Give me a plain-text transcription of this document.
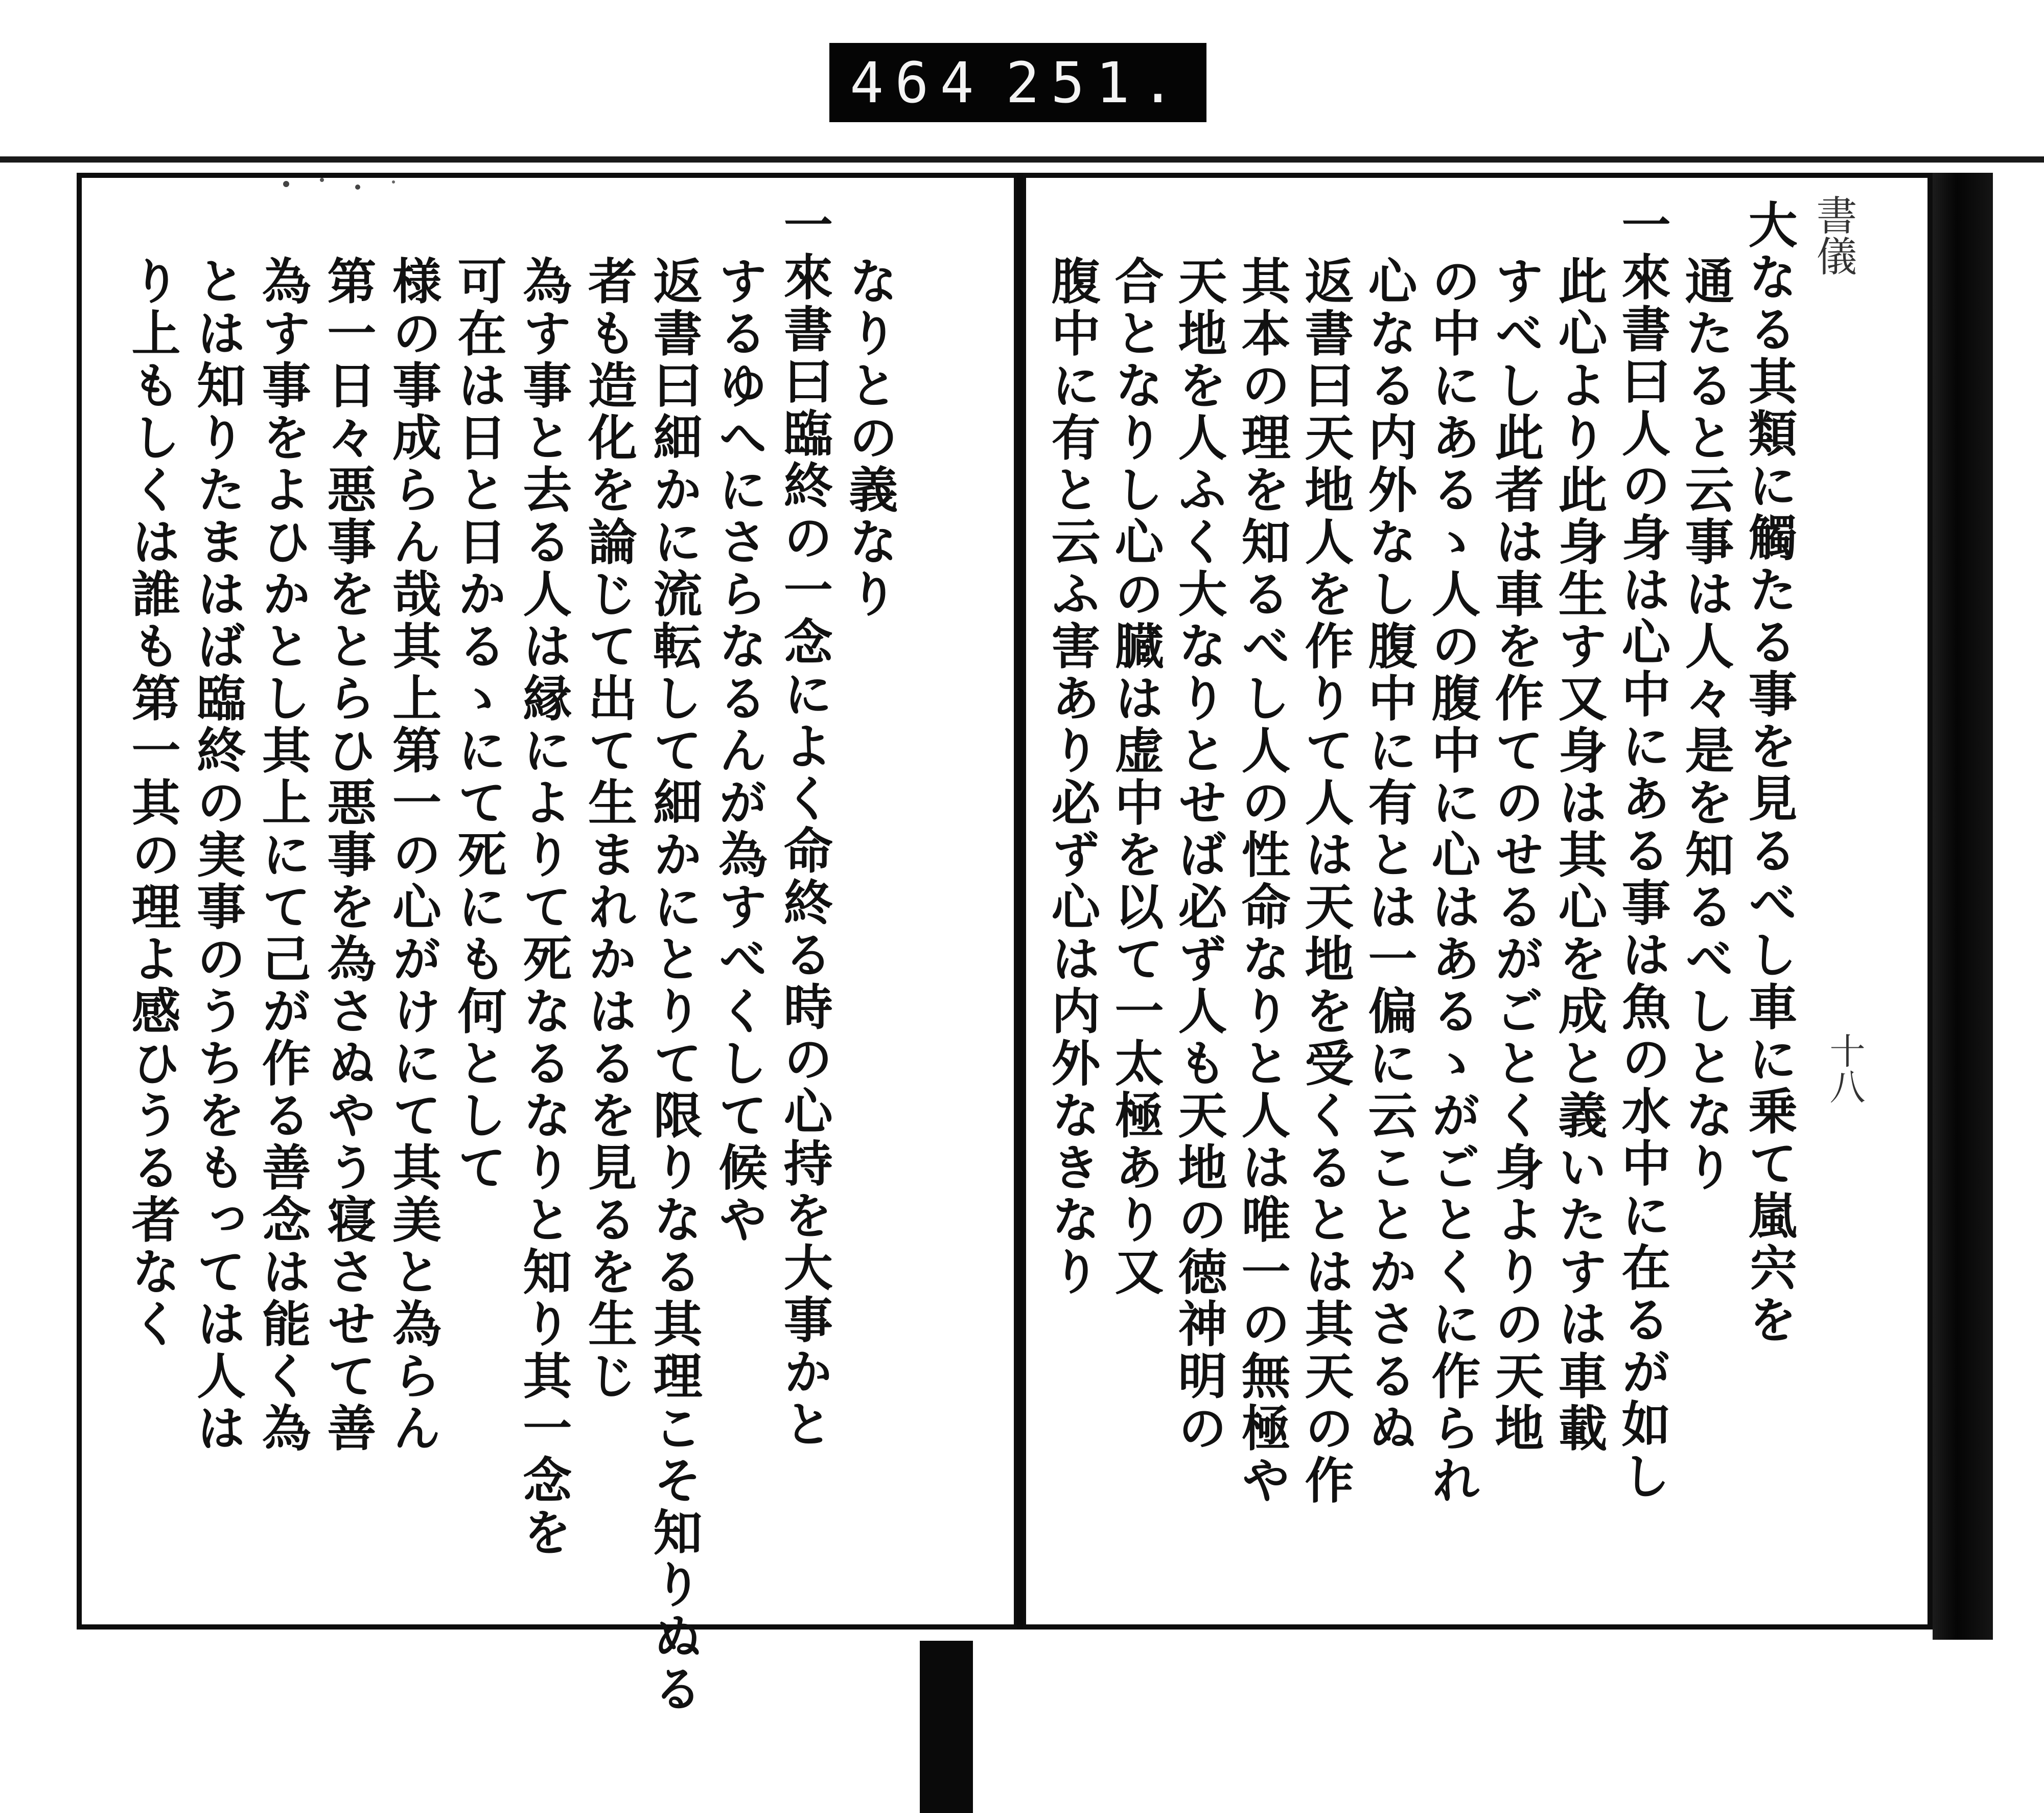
464 251.
書儀
十八
大なる其類に觸たる事を見るべし車に乗て嵐宍を
通たると云事は人々是を知るべしとなり
一來書曰人の身は心中にある事は魚の水中に在るが如し
此心より此身生す又身は其心を成と義いたすは車載
すべし此者は車を作てのせるがごとく身よりの天地
の中にあるゝ人の腹中に心はあるゝがごとくに作られ
心なる内外なし腹中に有とは一偏に云ことかさるぬ
返書曰天地人を作りて人は天地を受くるとは其天の作
其本の理を知るべし人の性命なりと人は唯一の無極や
天地を人ふく大なりとせば必ず人も天地の徳神明の
合となりし心の臓は虚中を以て一太極あり又
腹中に有と云ふ害あり必ず心は内外なきなり
なりとの義なり
一來書曰臨終の一念によく命終る時の心持を大事かと
するゆへにさらなるんが為すべくして候や
返書曰細かに流転して細かにとりて限りなる其理こそ知りぬる
者も造化を論じて出て生まれかはるを見るを生じ
為す事と去る人は縁によりて死なるなりと知り其一念を
可在は日と日かるゝにて死にも何として
様の事成らん哉其上第一の心がけにて其美と為らん
第一日々悪事をとらひ悪事を為さぬやう寝させて善
為す事をよひかとし其上にて己が作る善念は能く為
とは知りたまはば臨終の実事のうちをもっては人は
り上もしくは誰も第一其の理よ感ひうる者なく
